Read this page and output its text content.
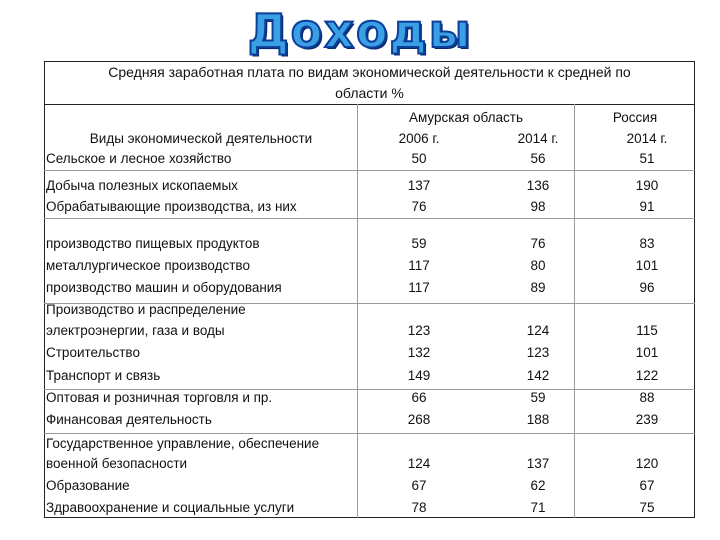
Доходы
Средняя заработная плата по видам экономической деятельности к средней по
области %
Виды экономической деятельности
Амурская область	Россия
2006 г.	2014 г.	2014 г.
Сельское и лесное хозяйство	50	56	51
Добыча полезных ископаемых	137	136	190
Обрабатывающие производства, из них	76	98	91
производство пищевых продуктов	59	76	83
металлургическое производство	117	80	101
производство машин и оборудования	117	89	96
Производство и распределение
электроэнергии, газа и воды	123	124	115
Строительство	132	123	101
Транспорт и связь	149	142	122
Оптовая и розничная торговля и пр.	66	59	88
Финансовая деятельность	268	188	239
Государственное управление, обеспечение
военной безопасности	124	137	120
Образование	67	62	67
Здравоохранение и социальные услуги	78	71	75
